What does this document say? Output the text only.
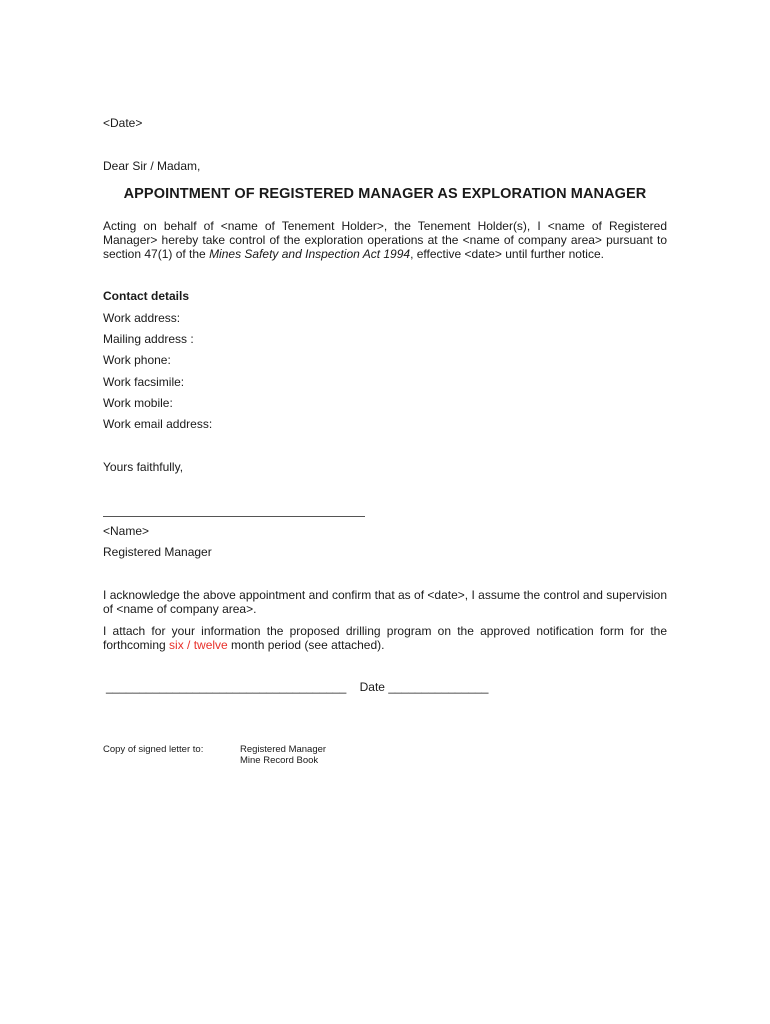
<Date>
Dear Sir / Madam,
APPOINTMENT OF REGISTERED MANAGER AS EXPLORATION MANAGER
Acting on behalf of <name of Tenement Holder>, the Tenement Holder(s), I <name of Registered Manager> hereby take control of the exploration operations at the <name of company area> pursuant to section 47(1) of the Mines Safety and Inspection Act 1994, effective <date> until further notice.
Contact details
Work address:
Mailing address :
Work phone:
Work facsimile:
Work mobile:
Work email address:
Yours faithfully,
<Name>
Registered Manager
I acknowledge the above appointment and confirm that as of <date>, I assume the control and supervision of <name of company area>.
I attach for your information the proposed drilling program on the approved notification form for the forthcoming six / twelve month period (see attached).
____________________________________ Date _______________
Copy of signed letter to:	Registered Manager
Mine Record Book
